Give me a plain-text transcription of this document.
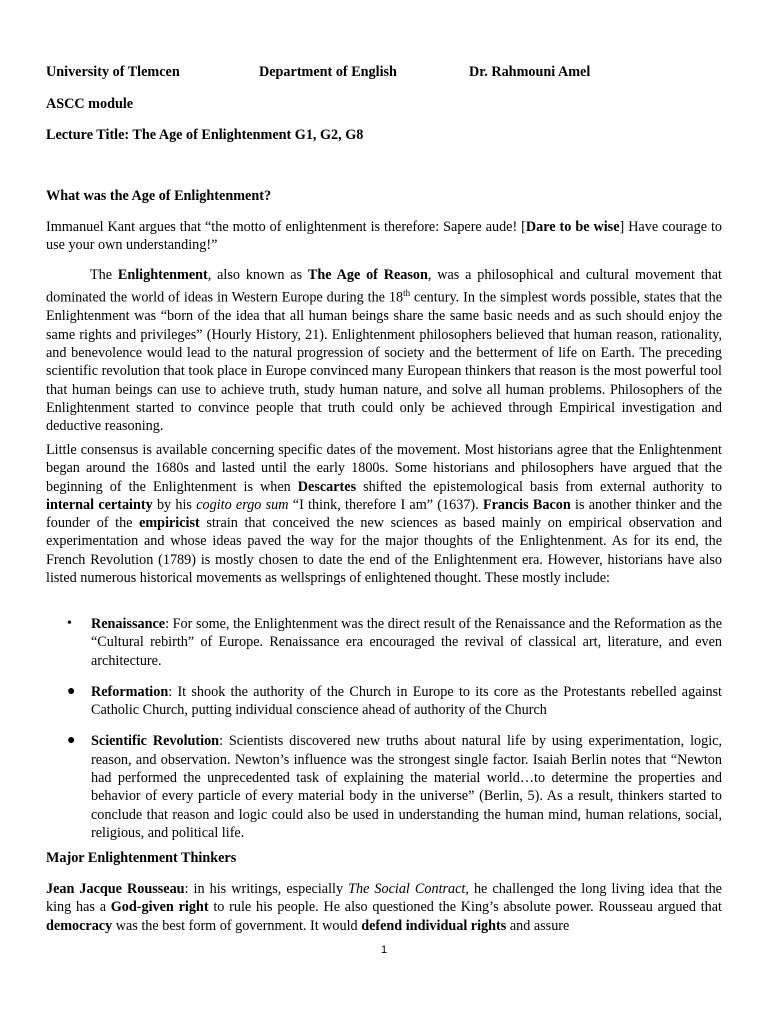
University of Tlemcen	Department of English	Dr. Rahmouni Amel
ASCC module
Lecture Title: The Age of Enlightenment G1, G2, G8
What was the Age of Enlightenment?

Immanuel Kant argues that “the motto of enlightenment is therefore: Sapere aude! [Dare to be wise] Have courage to use your own understanding!”

The Enlightenment, also known as The Age of Reason, was a philosophical and cultural movement that dominated the world of ideas in Western Europe during the 18th century. In the simplest words possible, states that the Enlightenment was “born of the idea that all human beings share the same basic needs and as such should enjoy the same rights and privileges” (Hourly History, 21). Enlightenment philosophers believed that human reason, rationality, and benevolence would lead to the natural progression of society and the betterment of life on Earth. The preceding scientific revolution that took place in Europe convinced many European thinkers that reason is the most powerful tool that human beings can use to achieve truth, study human nature, and solve all human problems. Philosophers of the Enlightenment started to convince people that truth could only be achieved through Empirical investigation and deductive reasoning.

Little consensus is available concerning specific dates of the movement. Most historians agree that the Enlightenment began around the 1680s and lasted until the early 1800s. Some historians and philosophers have argued that the beginning of the Enlightenment is when Descartes shifted the epistemological basis from external authority to internal certainty by his cogito ergo sum “I think, therefore I am” (1637). Francis Bacon is another thinker and the founder of the empiricist strain that conceived the new sciences as based mainly on empirical observation and experimentation and whose ideas paved the way for the major thoughts of the Enlightenment. As for its end, the French Revolution (1789) is mostly chosen to date the end of the Enlightenment era. However, historians have also listed numerous historical movements as wellsprings of enlightened thought. These mostly include:

• Renaissance: For some, the Enlightenment was the direct result of the Renaissance and the Reformation as the “Cultural rebirth” of Europe. Renaissance era encouraged the revival of classical art, literature, and even architecture.
● Reformation: It shook the authority of the Church in Europe to its core as the Protestants rebelled against Catholic Church, putting individual conscience ahead of authority of the Church
● Scientific Revolution: Scientists discovered new truths about natural life by using experimentation, logic, reason, and observation. Newton’s influence was the strongest single factor. Isaiah Berlin notes that “Newton had performed the unprecedented task of explaining the material world…to determine the properties and behavior of every particle of every material body in the universe” (Berlin, 5). As a result, thinkers started to conclude that reason and logic could also be used in understanding the human mind, human relations, social, religious, and political life.
Major Enlightenment Thinkers

Jean Jacque Rousseau: in his writings, especially The Social Contract, he challenged the long living idea that the king has a God-given right to rule his people. He also questioned the King’s absolute power. Rousseau argued that democracy was the best form of government. It would defend individual rights and assure

1
